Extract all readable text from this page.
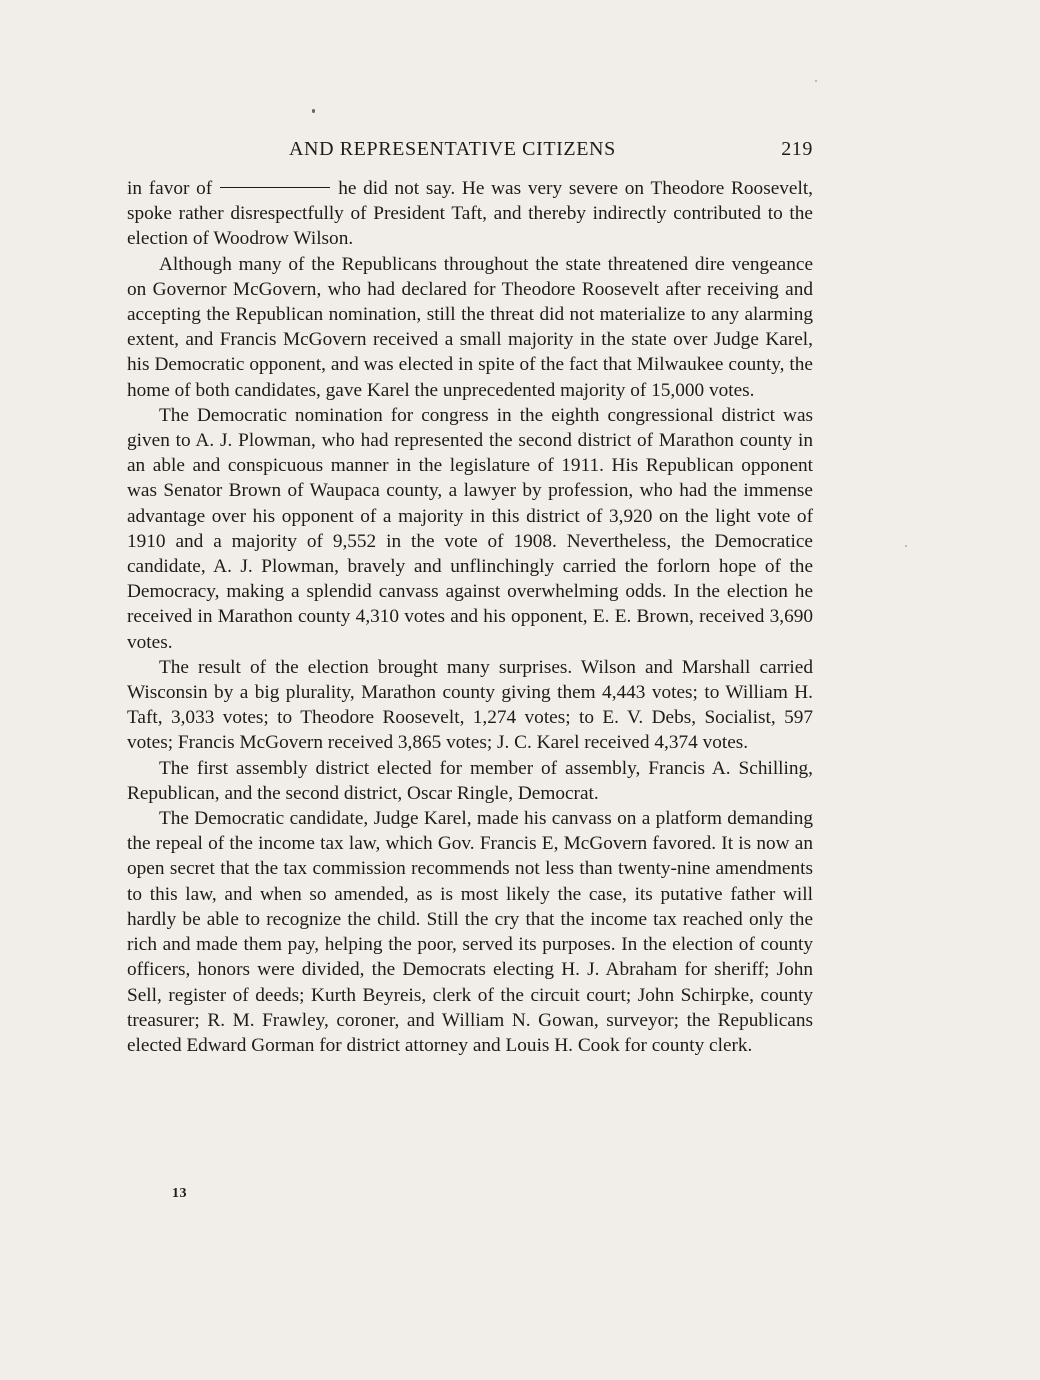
AND REPRESENTATIVE CITIZENS	219

in favor of	he did not say. He was very severe on Theodore Roosevelt, spoke rather disrespectfully of President Taft, and thereby indirectly contributed to the election of Woodrow Wilson.

Although many of the Republicans throughout the state threatened dire vengeance on Governor McGovern, who had declared for Theodore Roosevelt after receiving and accepting the Republican nomination, still the threat did not materialize to any alarming extent, and Francis McGovern received a small majority in the state over Judge Karel, his Democratic opponent, and was elected in spite of the fact that Milwaukee county, the home of both candidates, gave Karel the unprecedented majority of 15,000 votes.

The Democratic nomination for congress in the eighth congressional district was given to A. J. Plowman, who had represented the second district of Marathon county in an able and conspicuous manner in the legislature of 1911. His Republican opponent was Senator Brown of Waupaca county, a lawyer by profession, who had the immense advantage over his opponent of a majority in this district of 3,920 on the light vote of 1910 and a majority of 9,552 in the vote of 1908. Nevertheless, the Democratice candidate, A. J. Plowman, bravely and unflinchingly carried the forlorn hope of the Democracy, making a splendid canvass against overwhelming odds. In the election he received in Marathon county 4,310 votes and his opponent, E. E. Brown, received 3,690 votes.

The result of the election brought many surprises. Wilson and Marshall carried Wisconsin by a big plurality, Marathon county giving them 4,443 votes; to William H. Taft, 3,033 votes; to Theodore Roosevelt, 1,274 votes; to E. V. Debs, Socialist, 597 votes; Francis McGovern received 3,865 votes; J. C. Karel received 4,374 votes.

The first assembly district elected for member of assembly, Francis A. Schilling, Republican, and the second district, Oscar Ringle, Democrat.

The Democratic candidate, Judge Karel, made his canvass on a platform demanding the repeal of the income tax law, which Gov. Francis E, McGovern favored. It is now an open secret that the tax commission recommends not less than twenty-nine amendments to this law, and when so amended, as is most likely the case, its putative father will hardly be able to recognize the child. Still the cry that the income tax reached only the rich and made them pay, helping the poor, served its purposes. In the election of county officers, honors were divided, the Democrats electing H. J. Abraham for sheriff; John Sell, register of deeds; Kurth Beyreis, clerk of the circuit court; John Schirpke, county treasurer; R. M. Frawley, coroner, and William N. Gowan, surveyor; the Republicans elected Edward Gorman for district attorney and Louis H. Cook for county clerk.

13
